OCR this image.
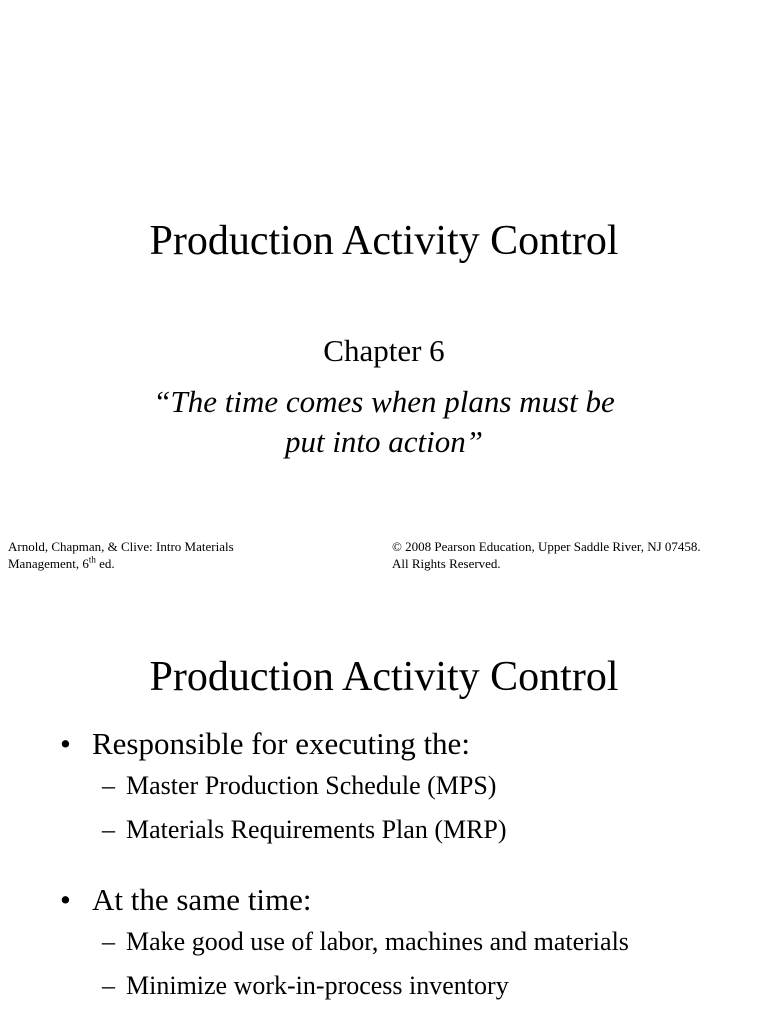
Production Activity Control

Chapter 6

“The time comes when plans must be
put into action”

Arnold, Chapman, & Clive: Intro Materials
Management, 6th ed.
© 2008 Pearson Education, Upper Saddle River, NJ 07458.
All Rights Reserved.
Production Activity Control
• Responsible for executing the:
– Master Production Schedule (MPS)
– Materials Requirements Plan (MRP)
• At the same time:
– Make good use of labor, machines and materials
– Minimize work-in-process inventory
